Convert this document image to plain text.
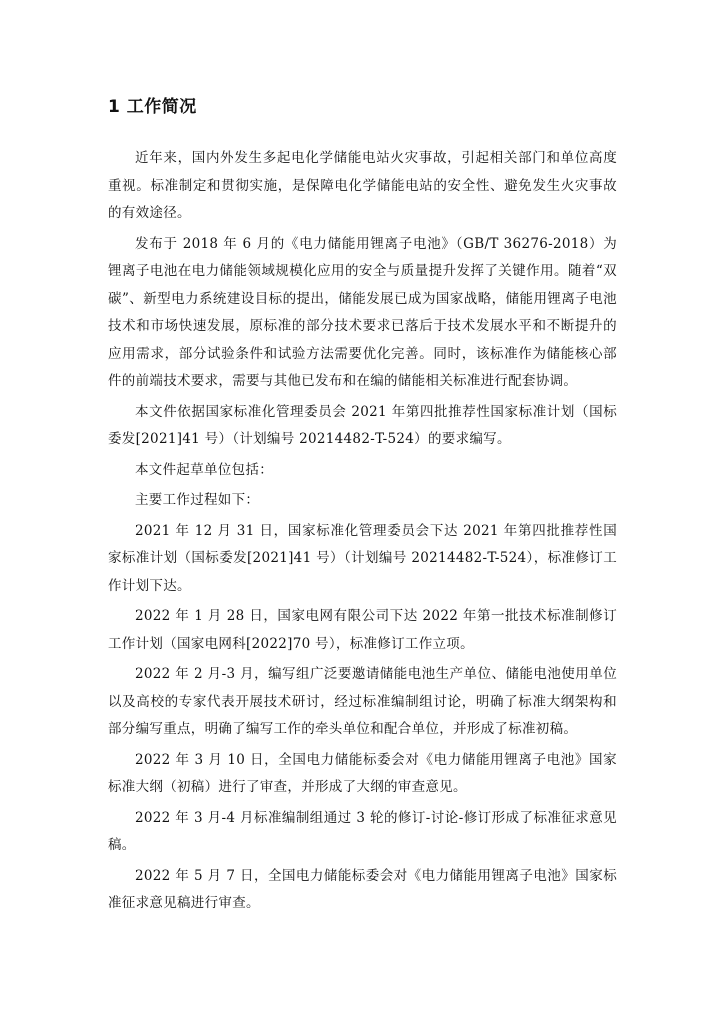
1 工作简况

近年来，国内外发生多起电化学储能电站火灾事故，引起相关部门和单位高度重视。标准制定和贯彻实施，是保障电化学储能电站的安全性、避免发生火灾事故的有效途径。

发布于 2018 年 6 月的《电力储能用锂离子电池》（GB/T 36276-2018）为锂离子电池在电力储能领域规模化应用的安全与质量提升发挥了关键作用。随着“双碳”、新型电力系统建设目标的提出，储能发展已成为国家战略，储能用锂离子电池技术和市场快速发展，原标准的部分技术要求已落后于技术发展水平和不断提升的应用需求，部分试验条件和试验方法需要优化完善。同时，该标准作为储能核心部件的前端技术要求，需要与其他已发布和在编的储能相关标准进行配套协调。

本文件依据国家标准化管理委员会 2021 年第四批推荐性国家标准计划（国标委发[2021]41 号）（计划编号 20214482-T-524）的要求编写。

本文件起草单位包括：

主要工作过程如下：

2021 年 12 月 31 日，国家标准化管理委员会下达 2021 年第四批推荐性国家标准计划（国标委发[2021]41 号）（计划编号 20214482-T-524），标准修订工作计划下达。

2022 年 1 月 28 日，国家电网有限公司下达 2022 年第一批技术标准制修订工作计划（国家电网科[2022]70 号），标准修订工作立项。

2022 年 2 月-3 月，编写组广泛要邀请储能电池生产单位、储能电池使用单位以及高校的专家代表开展技术研讨，经过标准编制组讨论，明确了标准大纲架构和部分编写重点，明确了编写工作的牵头单位和配合单位，并形成了标准初稿。

2022 年 3 月 10 日，全国电力储能标委会对《电力储能用锂离子电池》国家标准大纲（初稿）进行了审查，并形成了大纲的审查意见。

2022 年 3 月-4 月标准编制组通过 3 轮的修订-讨论-修订形成了标准征求意见稿。

2022 年 5 月 7 日，全国电力储能标委会对《电力储能用锂离子电池》国家标准征求意见稿进行审查。
